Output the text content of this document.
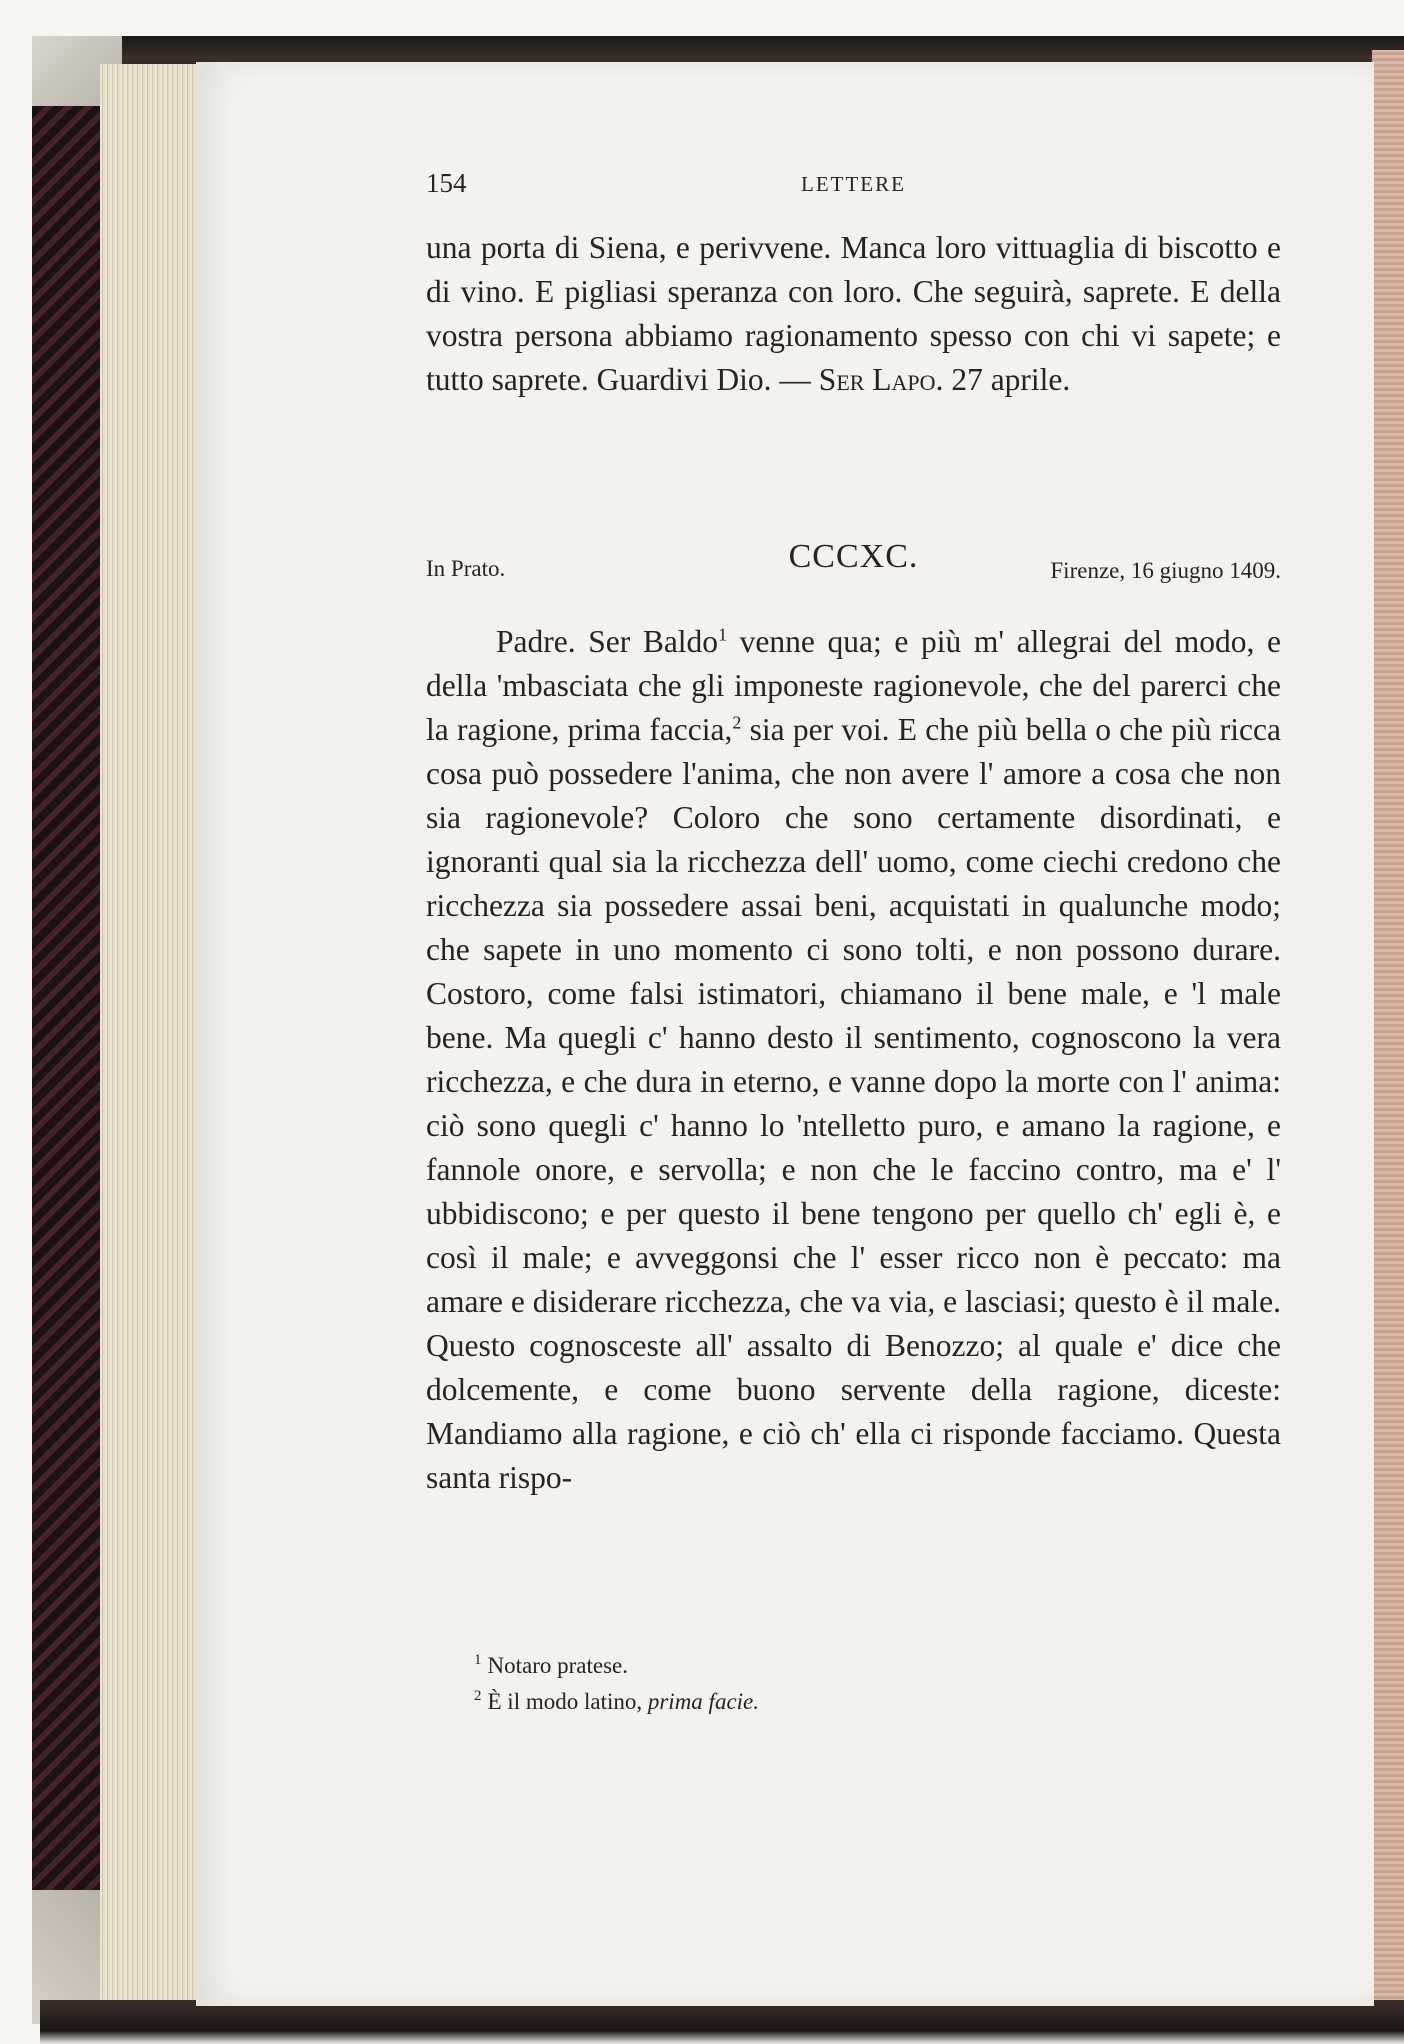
154	LETTERE

una porta di Siena, e perivvene. Manca loro vittuaglia di biscotto e di vino. E pigliasi speranza con loro. Che seguirà, saprete. E della vostra persona abbiamo ragionamento spesso con chi vi sapete; e tutto saprete. Guardivi Dio. — Ser Lapo. 27 aprile.

In Prato.	CCCXC.	Firenze, 16 giugno 1409.

Padre. Ser Baldo$^1$ venne qua; e più m' allegrai del modo, e della 'mbasciata che gli imponeste ragionevole, che del parerci che la ragione, prima faccia,$^2$ sia per voi. E che più bella o che più ricca cosa può possedere l'anima, che non avere l' amore a cosa che non sia ragionevole? Coloro che sono certamente disordinati, e ignoranti qual sia la ricchezza dell' uomo, come ciechi credono che ricchezza sia possedere assai beni, acquistati in qualunche modo; che sapete in uno momento ci sono tolti, e non possono durare. Costoro, come falsi istimatori, chiamano il bene male, e 'l male bene. Ma quegli c' hanno desto il sentimento, cognoscono la vera ricchezza, e che dura in eterno, e vanne dopo la morte con l' anima: ciò sono quegli c' hanno lo 'ntelletto puro, e amano la ragione, e fannole onore, e servolla; e non che le faccino contro, ma e' l' ubbidiscono; e per questo il bene tengono per quello ch' egli è, e così il male; e avveggonsi che l' esser ricco non è peccato: ma amare e disiderare ricchezza, che va via, e lasciasi; questo è il male. Questo cognosceste all' assalto di Benozzo; al quale e' dice che dolcemente, e come buono servente della ragione, diceste: Mandiamo alla ragione, e ciò ch' ella ci risponde facciamo. Questa santa rispo-

$^1$ Notaro pratese.

$^2$ È il modo latino, prima facie.
